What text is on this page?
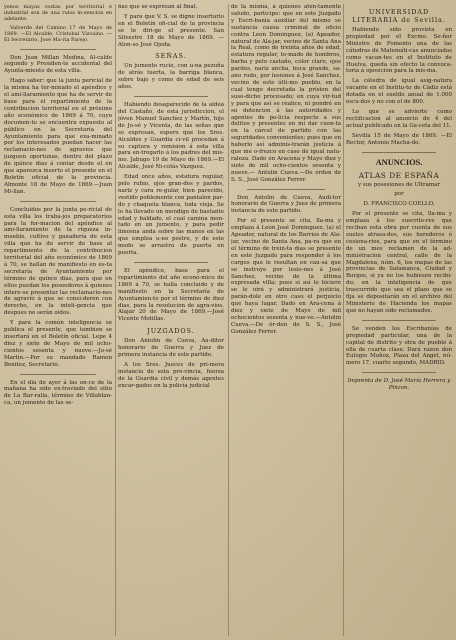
yenos mayas costas por territorial é industrial son de una rulos in-xencion en adelante.

Valverde del Camino 17 de Mayo de 1869. —El Alcalde, Cristobal Vizcaino. —El Secretario, José Ma-ria Parejo.

Don Juan Millan Medina, Al-calde segundo y Presiden-te accidental del Ayunta-miento de esta villa.

Hago saber: que la junta pericial de la misma ha ter-minado el apéndice y el ami-llaramiento que ha de servir de base para el repartimiento de la contribucion territorial en el próximo año económico de 1869 á 70, cuyo documen-to se encuentra expuesto al público en la Secretaría del Ayuntamiento para que exa-minado por los interesados puedan hacer las reclamacio-nes de agravios que juzguen oportunas, dentro del plazo de quince dias á contar desde el en que aparezca inserto el presente en el Boletín oficial de la provincia. Almonte 18 de Mayo de 1869.—Juan Mi-llan.

Concluidos por la junta pe-ricial de esta villa los traba-jos preparatorios para la for-macion del apéndice al ami-llaramiento de la riqueza in-mueble, cultivo y ganadería de esta villa que ha de servir de base al repartimiento de la contribucion territorial del año económico de 1869 á 70, se hallan de manifiesto en es-ta secretaría de Ayuntamiento por término de quince dias, para que en ellos puedan los poseedores á quienes intere-se presentar las reclamacio-nes de agravio á que se consi-deren con derecho, en la inteli-gencia que despues no serán oidos.

Y para la común inteligencia se publica el presente, que tambien se insertará en el Boletín oficial. Lepe 4 diez y siete de Mayo de mil ocho-cientos sesenta y nueve.—Jo-sé Martin.—Por su mandado Ramon Benitez, Secretario.

En el dia de ayer á las on-ce de la mañana ha sido ex-traviado del sitio de La Bar-ralla, término de Villablan-ca, un jumento de las se-

ñas que se expresan al final.

Y para que V. S. se digne insertarlo en el Boletín ofi-cial de la provincia se le diri-ge el presente. San Silvestre 18 de Mayo de 1869. —Alon-so José Ojeda.

SEÑAS.

Un jumento rucio, con u-na pezuña de atrás tuerta, la barriga blanca, sobre bajo y como de edad de seis años.

Habiendo desaparecido de la aldea del Castaño, de esta jurisdiccion, el jóven Manuel Sanchez y Martín, hijo de Jo-sé y Vicenta, de las señas que se expresan, espero que los Sres. Alcaldes y Guardia ci-vil procedan á su captura y remision á esta villa para en-tregarlo á los padres del mis-mo. Jabugo 19 de Mayo de 1869.—El Alcalde, José Ni-colás Vazquez.

Edad once años, estatura regular, pelo rubio, ojos gran-des y pardos, nariz y cara re-gular, bien parecido, vestido poblemente con pantalon par-do y chaqueta blanca, toda vieja. Se lo ha llevado un mendigo de bastante edad y baldado, el cual camina mon-tado en un jumento, y para pedir limosna anda sobre las manos en las que emplea u-no postre, y de este modo se arrastra de puerta en puerta.

El apéndice, base para el repartimiento del año econó-mico de 1869 á 70, se halla concluido y de manifiesto en la Secretaría de Ayuntamien-to por el término de diez dias, para la resolucion de agra-vios. Alajar 20 de Mayo de 1869.—José Vicente Motillas.

JUZGADOS.

Don Antolin de Cueva, Au-ditor honorario de Guerra y Juez de primera instancia de este partido.

A los Sres. Jueces de pri-mera instancia de esta pro-vincia, fuerza de la Guardia civil y demás agentes encar-gados en la policía judicial

de la misma, á quienes aten-tamente saludo, participo: que en este Juzgado y Escri-bania auxiliar del mismo se sustancia causa criminal de oficio contra Leon Dominguez, (a) Apeador, natural de Ala-jar, vecino de Santa Ana la Real, como de treinta años de edad, estatura regular, to-mado de hombros, barba y pelo castaño, color claro, ojos pardos, nariz ancha, boca grande, sa-ano rudo, por lesiones á José Sanchez, vecino de este últi-mo pueblo, en la cual tengo decretada la prision del suso-dicho procesado; en cuya vir-tud y para que así se realice, ni pondré en su detencion á las autoridades y agentes de po-licía respecto a sus delitos y presentes en mi dar cuen-ta en la cárcel de partido con las seguridades convenientes; pues que en haberlo así adminis-trarán justicia á que me o-frezco en caso de igual natu-raleza. Dado en Aracena y Mayo diez y siete de mil ocho-cientos sesenta y nueve.— Antolin Cueva.—De órden de S. S., José González Ferrer.

Don Antolin de Cueva, Audi-tor honorario de Guerra y Juez de primera instancia de este partido.

Por el presente se cita, lla-ma y emplaza á Leon José Dominguez, (a) el Apeador, natural de los Barrios de Ala-jar, vecino de Santa Ana, pa-ra que en el término de trein-ta dias se presente en este Juzgado para responder á los cargos que le resultan en cau-sa que se instruye por lesio-nes á José Sanchez, vecino de la última expresada villa; pues si así lo hiciere se le oirá y administrará justicia, parán-dole en otro caso el perjuicio que haya lugar. Dado en Ara-cena á diez y siete de Mayo de mil ochocientos sesenta y nue-ve.—Antolin Cueva.—De ór-den de S. S., José González Ferrer.

UNIVERSIDAD LITERARIA de Sevilla.

Habiendo sido provista en propiedad por el Excmo. Se-ñor Ministro de Fomento una de las cátedras de Matemáti-cas anunciadas como vacan-tes en el Instituto de Huelva, queda sin efecto la convoca-toria á oposicion para la mis-ma.

La cátedra de igual asig-natura vacante en el Institu-to de Cádiz está dotada en el sueldo anual de 1.000 escu-dos y no con el de 800.

Lo que se advierte como rectificacion al anuncio de 4 del actual publicado en la Ga-ceta del 11.

Sevilla 15 de Mayo de 1869. —El Rector, Antonio Macha-do.

ANUNCIOS.
ATLAS DE ESPAÑA

y sus posesiones de Ultramar

por

D. FRANCISCO COELLO.

Por el presente se cita, lla-ma y emplaza á los suscrito-res que reciban esta obra por cuenta de sus suelos atrasa-dos, sus herederos ó cesiona-rios, para que en el término de un mes reclamen de la ad-ministracion central, calle de la Magdalena, núm. 6, los mapas de las provincias de Salamanca, Ciudad y Burgos, si ya no los hubiesen recibi-do; en la inteligencia de que trascurrido que sea el plazo que se fija se depositarán en el archivo del Ministerio de Hacienda los mapas que no hayan sido reclamados.

Se venden los Escribanías de propiedad particular, una de la capital de distrito y otra de pueblo á ella de cuarta clase. Dará razon don Eulogio Muñoz, Plaza del Angel, nú-mero 17, cuarto segundo, MADRID.

Imprenta de D. José María Herrera y Pinzon.
